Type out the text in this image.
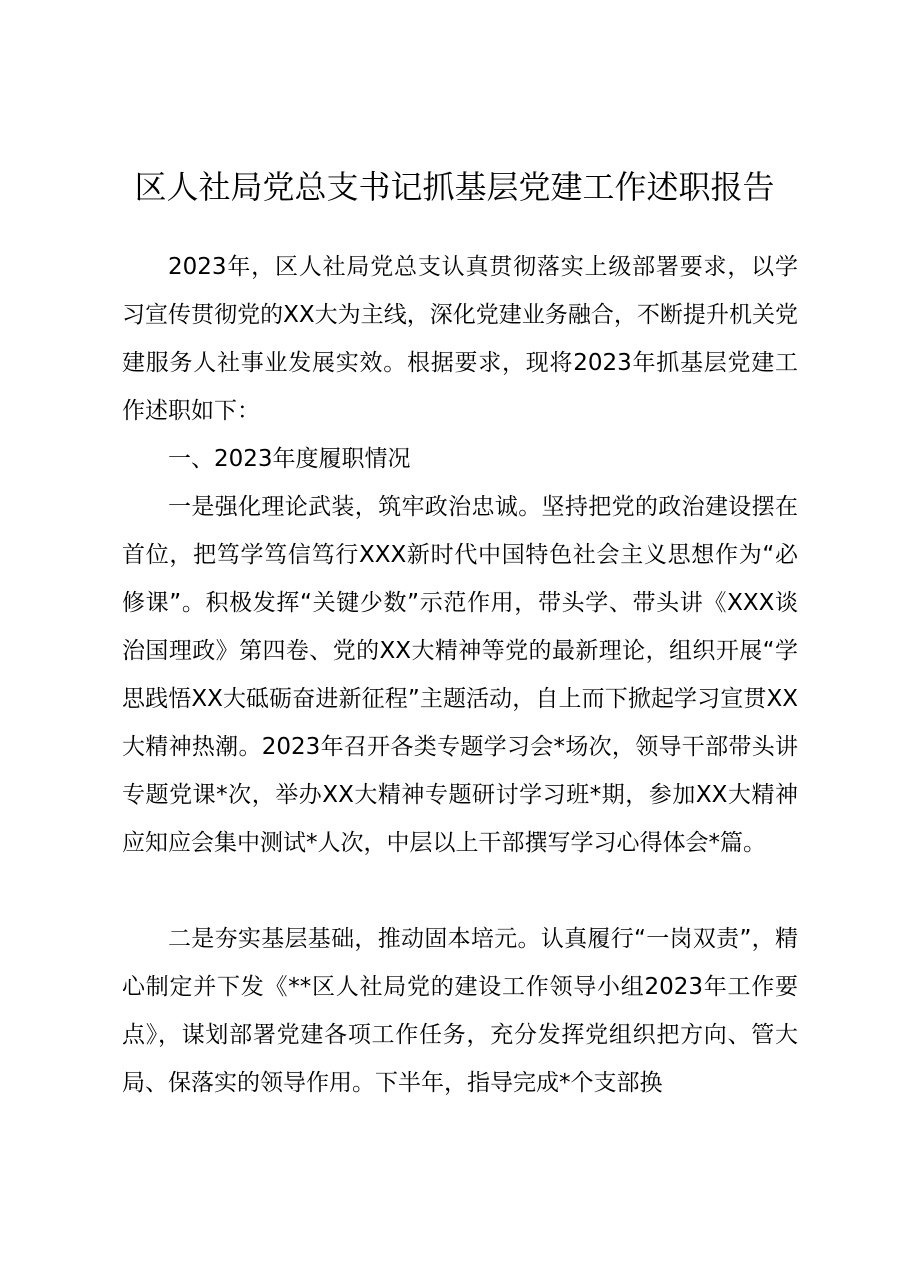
区人社局党总支书记抓基层党建工作述职报告
2023年，区人社局党总支认真贯彻落实上级部署要求，以学习宣传贯彻党的XX大为主线，深化党建业务融合，不断提升机关党建服务人社事业发展实效。根据要求，现将2023年抓基层党建工作述职如下：
一、2023年度履职情况
一是强化理论武装，筑牢政治忠诚。坚持把党的政治建设摆在首位，把笃学笃信笃行XXX新时代中国特色社会主义思想作为“必修课”。积极发挥“关键少数”示范作用，带头学、带头讲《XXX谈治国理政》第四卷、党的XX大精神等党的最新理论，组织开展“学思践悟XX大砥砺奋进新征程”主题活动，自上而下掀起学习宣贯XX大精神热潮。2023年召开各类专题学习会*场次，领导干部带头讲专题党课*次，举办XX大精神专题研讨学习班*期，参加XX大精神应知应会集中测试*人次，中层以上干部撰写学习心得体会*篇。
二是夯实基层基础，推动固本培元。认真履行“一岗双责”，精心制定并下发《**区人社局党的建设工作领导小组2023年工作要点》，谋划部署党建各项工作任务，充分发挥党组织把方向、管大局、保落实的领导作用。下半年，指导完成*个支部换
